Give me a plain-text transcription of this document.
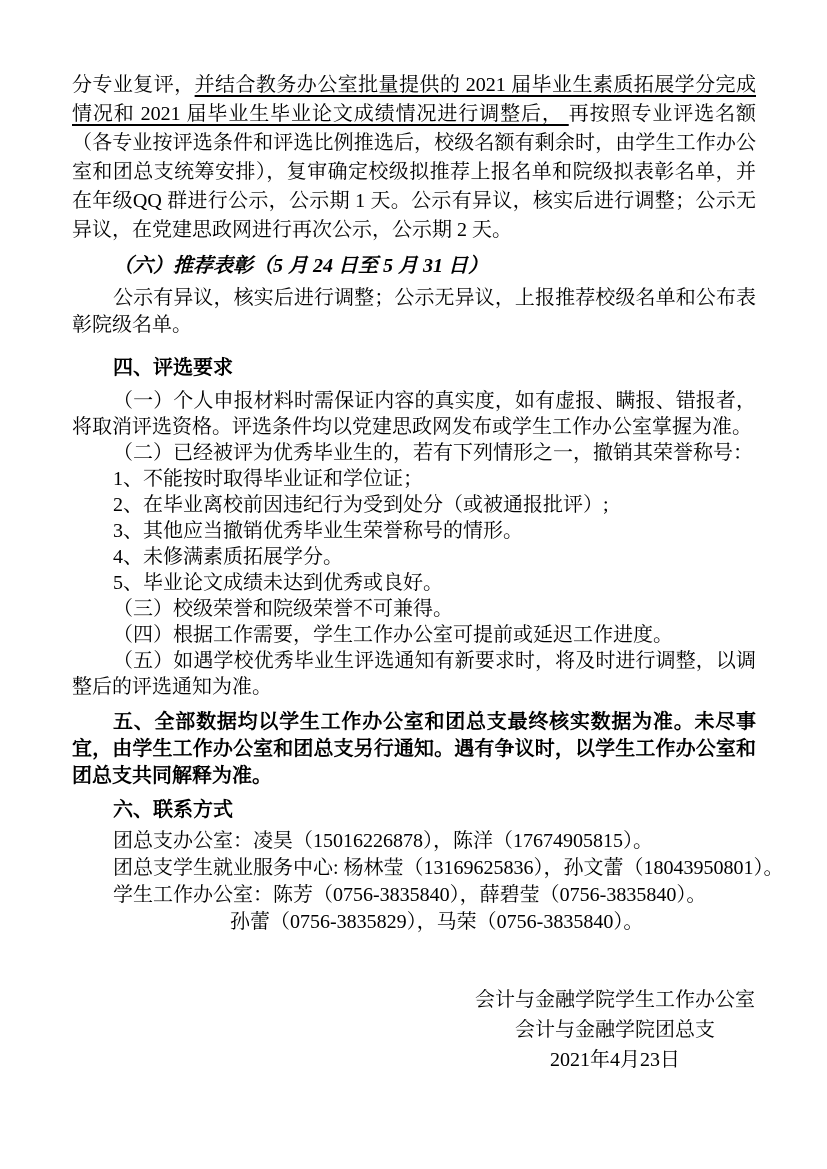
分专业复评，并结合教务办公室批量提供的 2021 届毕业生素质拓展学分完成情况和 2021 届毕业生毕业论文成绩情况进行调整后， 再按照专业评选名额（各专业按评选条件和评选比例推选后，校级名额有剩余时，由学生工作办公室和团总支统筹安排），复审确定校级拟推荐上报名单和院级拟表彰名单，并在年级QQ 群进行公示，公示期 1 天。公示有异议，核实后进行调整；公示无异议，在党建思政网进行再次公示，公示期 2 天。

（六）推荐表彰（5 月 24 日至 5 月 31 日）

公示有异议，核实后进行调整；公示无异议，上报推荐校级名单和公布表彰院级名单。

四、评选要求

（一）个人申报材料时需保证内容的真实度，如有虚报、瞒报、错报者，将取消评选资格。评选条件均以党建思政网发布或学生工作办公室掌握为准。

（二）已经被评为优秀毕业生的，若有下列情形之一，撤销其荣誉称号：

1、不能按时取得毕业证和学位证；

2、在毕业离校前因违纪行为受到处分（或被通报批评）;

3、其他应当撤销优秀毕业生荣誉称号的情形。

4、未修满素质拓展学分。

5、毕业论文成绩未达到优秀或良好。

（三）校级荣誉和院级荣誉不可兼得。

（四）根据工作需要，学生工作办公室可提前或延迟工作进度。

（五）如遇学校优秀毕业生评选通知有新要求时，将及时进行调整，以调整后的评选通知为准。

五、全部数据均以学生工作办公室和团总支最终核实数据为准。未尽事宜，由学生工作办公室和团总支另行通知。遇有争议时，以学生工作办公室和团总支共同解释为准。

六、联系方式

团总支办公室：凌昊（15016226878），陈洋（17674905815）。

团总支学生就业服务中心: 杨林莹（13169625836），孙文蕾（18043950801）。

学生工作办公室：陈芳（0756-3835840），薛碧莹（0756-3835840）。

孙蕾（0756-3835829），马荣（0756-3835840）。

会计与金融学院学生工作办公室

会计与金融学院团总支

2021年4月23日
